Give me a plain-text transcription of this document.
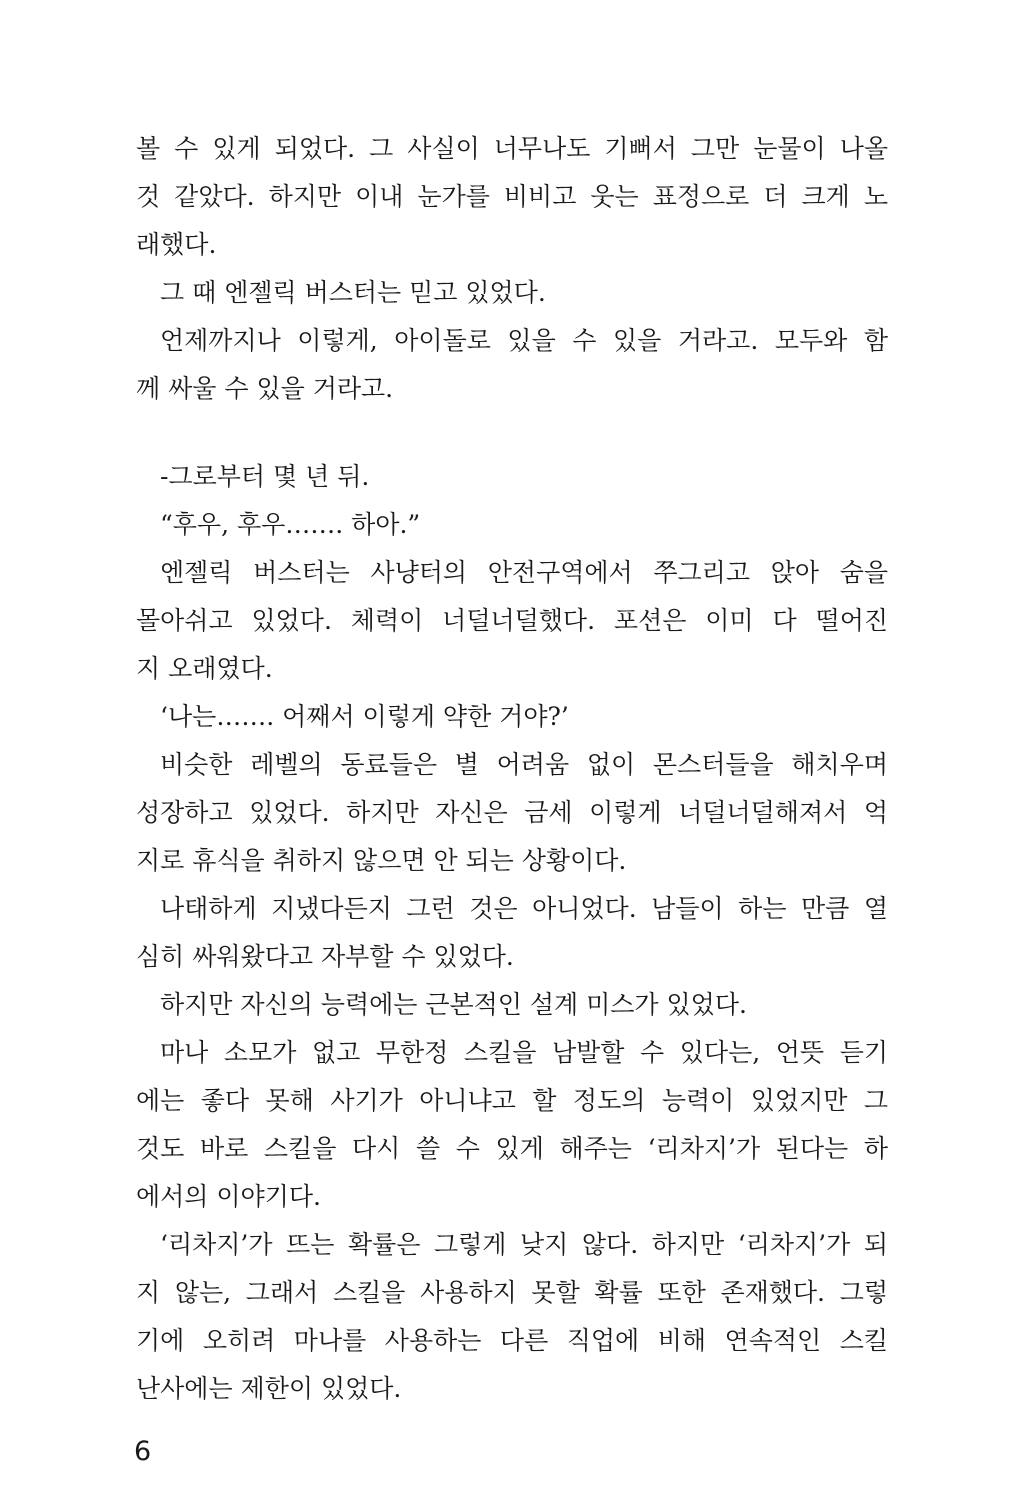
볼 수 있게 되었다. 그 사실이 너무나도 기뻐서 그만 눈물이 나올
것 같았다. 하지만 이내 눈가를 비비고 웃는 표정으로 더 크게 노
래했다.
그 때 엔젤릭 버스터는 믿고 있었다.
언제까지나 이렇게, 아이돌로 있을 수 있을 거라고. 모두와 함
께 싸울 수 있을 거라고.
-그로부터 몇 년 뒤.
“후우, 후우……. 하아.”
엔젤릭 버스터는 사냥터의 안전구역에서 쭈그리고 앉아 숨을
몰아쉬고 있었다. 체력이 너덜너덜했다. 포션은 이미 다 떨어진
지 오래였다.
‘나는……. 어째서 이렇게 약한 거야?’
비슷한 레벨의 동료들은 별 어려움 없이 몬스터들을 해치우며
성장하고 있었다. 하지만 자신은 금세 이렇게 너덜너덜해져서 억
지로 휴식을 취하지 않으면 안 되는 상황이다.
나태하게 지냈다든지 그런 것은 아니었다. 남들이 하는 만큼 열
심히 싸워왔다고 자부할 수 있었다.
하지만 자신의 능력에는 근본적인 설계 미스가 있었다.
마나 소모가 없고 무한정 스킬을 남발할 수 있다는, 언뜻 듣기
에는 좋다 못해 사기가 아니냐고 할 정도의 능력이 있었지만 그
것도 바로 스킬을 다시 쓸 수 있게 해주는 ‘리차지’가 된다는 하
에서의 이야기다.
‘리차지’가 뜨는 확률은 그렇게 낮지 않다. 하지만 ‘리차지’가 되
지 않는, 그래서 스킬을 사용하지 못할 확률 또한 존재했다. 그렇
기에 오히려 마나를 사용하는 다른 직업에 비해 연속적인 스킬
난사에는 제한이 있었다.
6
